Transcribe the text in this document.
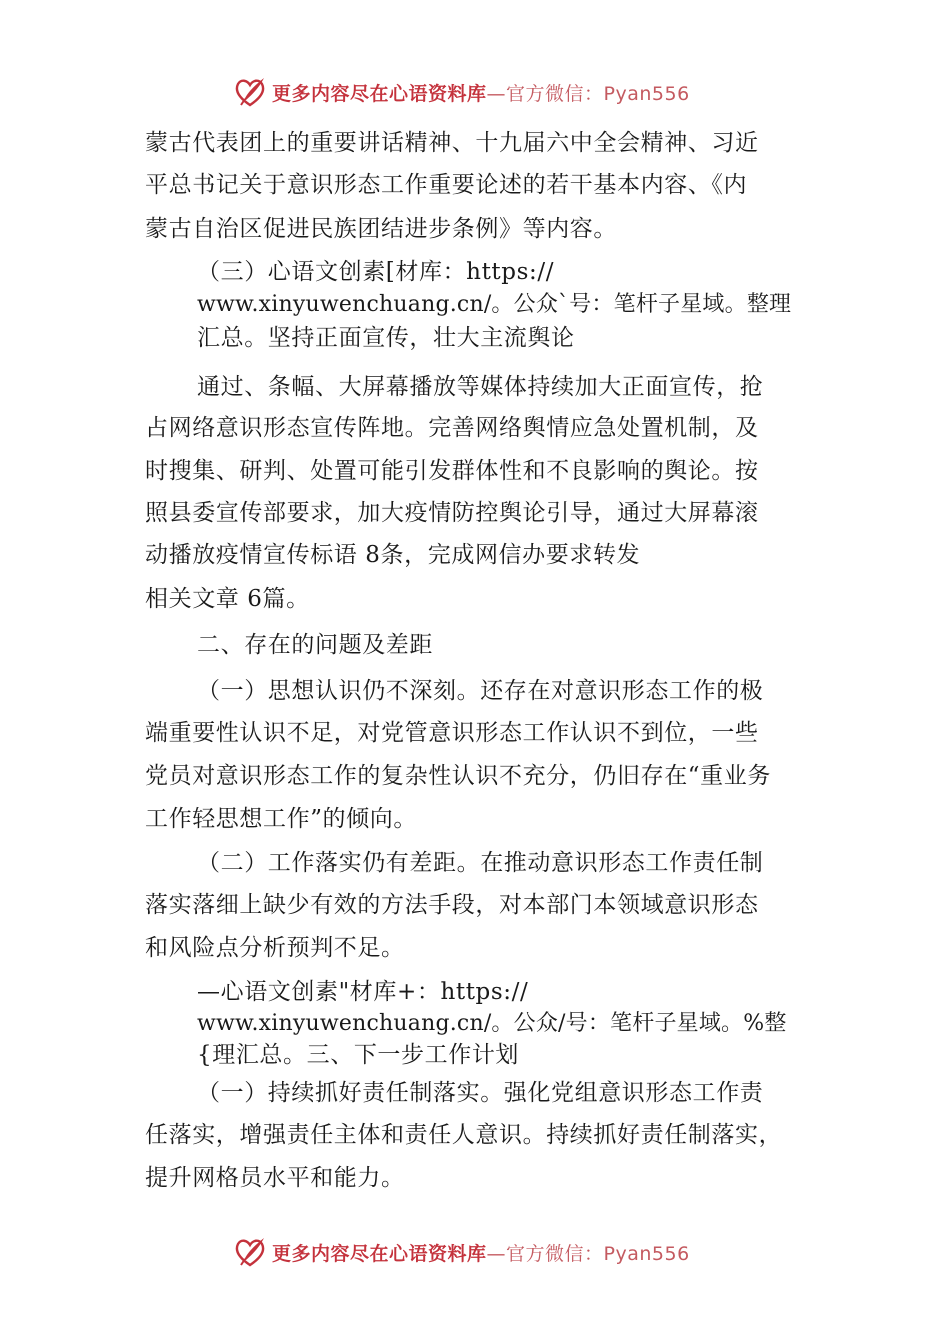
更多内容尽在心语资料库—官方微信：Pyan556
蒙古代表团上的重要讲话精神、十九届六中全会精神、习近
平总书记关于意识形态工作重要论述的若干基本内容、《内
蒙古自治区促进民族团结进步条例》等内容。
（三）心语文创素[材库：https://
www.xinyuwenchuang.cn/。公众`号：笔杆子星域。整理
汇总。坚持正面宣传，壮大主流舆论
通过、条幅、大屏幕播放等媒体持续加大正面宣传，抢
占网络意识形态宣传阵地。完善网络舆情应急处置机制，及
时搜集、研判、处置可能引发群体性和不良影响的舆论。按
照县委宣传部要求，加大疫情防控舆论引导，通过大屏幕滚
动播放疫情宣传标语 8条，完成网信办要求转发
相关文章 6篇。
二、存在的问题及差距
（一）思想认识仍不深刻。还存在对意识形态工作的极
端重要性认识不足，对党管意识形态工作认识不到位，一些
党员对意识形态工作的复杂性认识不充分，仍旧存在“重业务
工作轻思想工作”的倾向。
（二）工作落实仍有差距。在推动意识形态工作责任制
落实落细上缺少有效的方法手段，对本部门本领域意识形态
和风险点分析预判不足。
—心语文创素"材库+：https://
www.xinyuwenchuang.cn/。公众/号：笔杆子星域。%整
{理汇总。三、下一步工作计划
（一）持续抓好责任制落实。强化党组意识形态工作责
任落实，增强责任主体和责任人意识。持续抓好责任制落实，
提升网格员水平和能力。
更多内容尽在心语资料库—官方微信：Pyan556
